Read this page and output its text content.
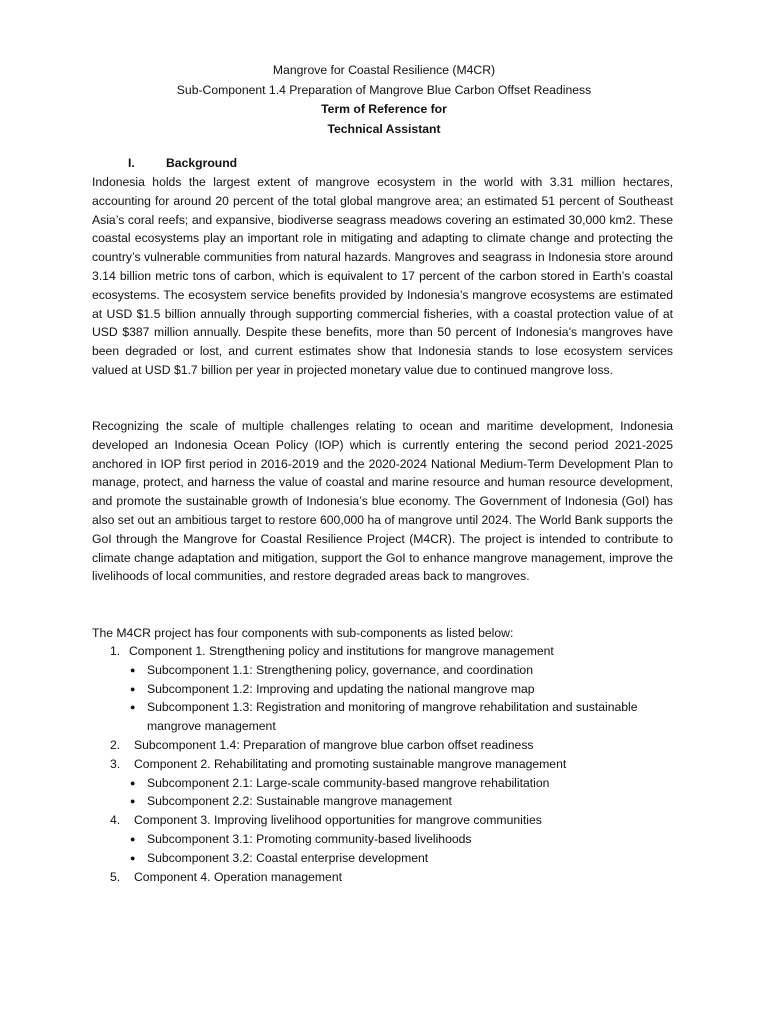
Mangrove for Coastal Resilience (M4CR)
Sub-Component 1.4 Preparation of Mangrove Blue Carbon Offset Readiness
Term of Reference for
Technical Assistant
I.	Background

Indonesia holds the largest extent of mangrove ecosystem in the world with 3.31 million hectares, accounting for around 20 percent of the total global mangrove area; an estimated 51 percent of Southeast Asia’s coral reefs; and expansive, biodiverse seagrass meadows covering an estimated 30,000 km2. These coastal ecosystems play an important role in mitigating and adapting to climate change and protecting the country’s vulnerable communities from natural hazards. Mangroves and seagrass in Indonesia store around 3.14 billion metric tons of carbon, which is equivalent to 17 percent of the carbon stored in Earth’s coastal ecosystems. The ecosystem service benefits provided by Indonesia’s mangrove ecosystems are estimated at USD $1.5 billion annually through supporting commercial fisheries, with a coastal protection value of at USD $387 million annually. Despite these benefits, more than 50 percent of Indonesia’s mangroves have been degraded or lost, and current estimates show that Indonesia stands to lose ecosystem services valued at USD $1.7 billion per year in projected monetary value due to continued mangrove loss.

Recognizing the scale of multiple challenges relating to ocean and maritime development, Indonesia developed an Indonesia Ocean Policy (IOP) which is currently entering the second period 2021-2025 anchored in IOP first period in 2016-2019 and the 2020-2024 National Medium-Term Development Plan to manage, protect, and harness the value of coastal and marine resource and human resource development, and promote the sustainable growth of Indonesia’s blue economy. The Government of Indonesia (GoI) has also set out an ambitious target to restore 600,000 ha of mangrove until 2024. The World Bank supports the GoI through the Mangrove for Coastal Resilience Project (M4CR). The project is intended to contribute to climate change adaptation and mitigation, support the GoI to enhance mangrove management, improve the livelihoods of local communities, and restore degraded areas back to mangroves.

The M4CR project has four components with sub-components as listed below:

1. Component 1. Strengthening policy and institutions for mangrove management
● Subcomponent 1.1: Strengthening policy, governance, and coordination
● Subcomponent 1.2: Improving and updating the national mangrove map
● Subcomponent 1.3: Registration and monitoring of mangrove rehabilitation and sustainable mangrove management
2. Subcomponent 1.4: Preparation of mangrove blue carbon offset readiness
3. Component 2. Rehabilitating and promoting sustainable mangrove management
● Subcomponent 2.1: Large-scale community-based mangrove rehabilitation
● Subcomponent 2.2: Sustainable mangrove management
4. Component 3. Improving livelihood opportunities for mangrove communities
● Subcomponent 3.1: Promoting community-based livelihoods
● Subcomponent 3.2: Coastal enterprise development
5. Component 4. Operation management
